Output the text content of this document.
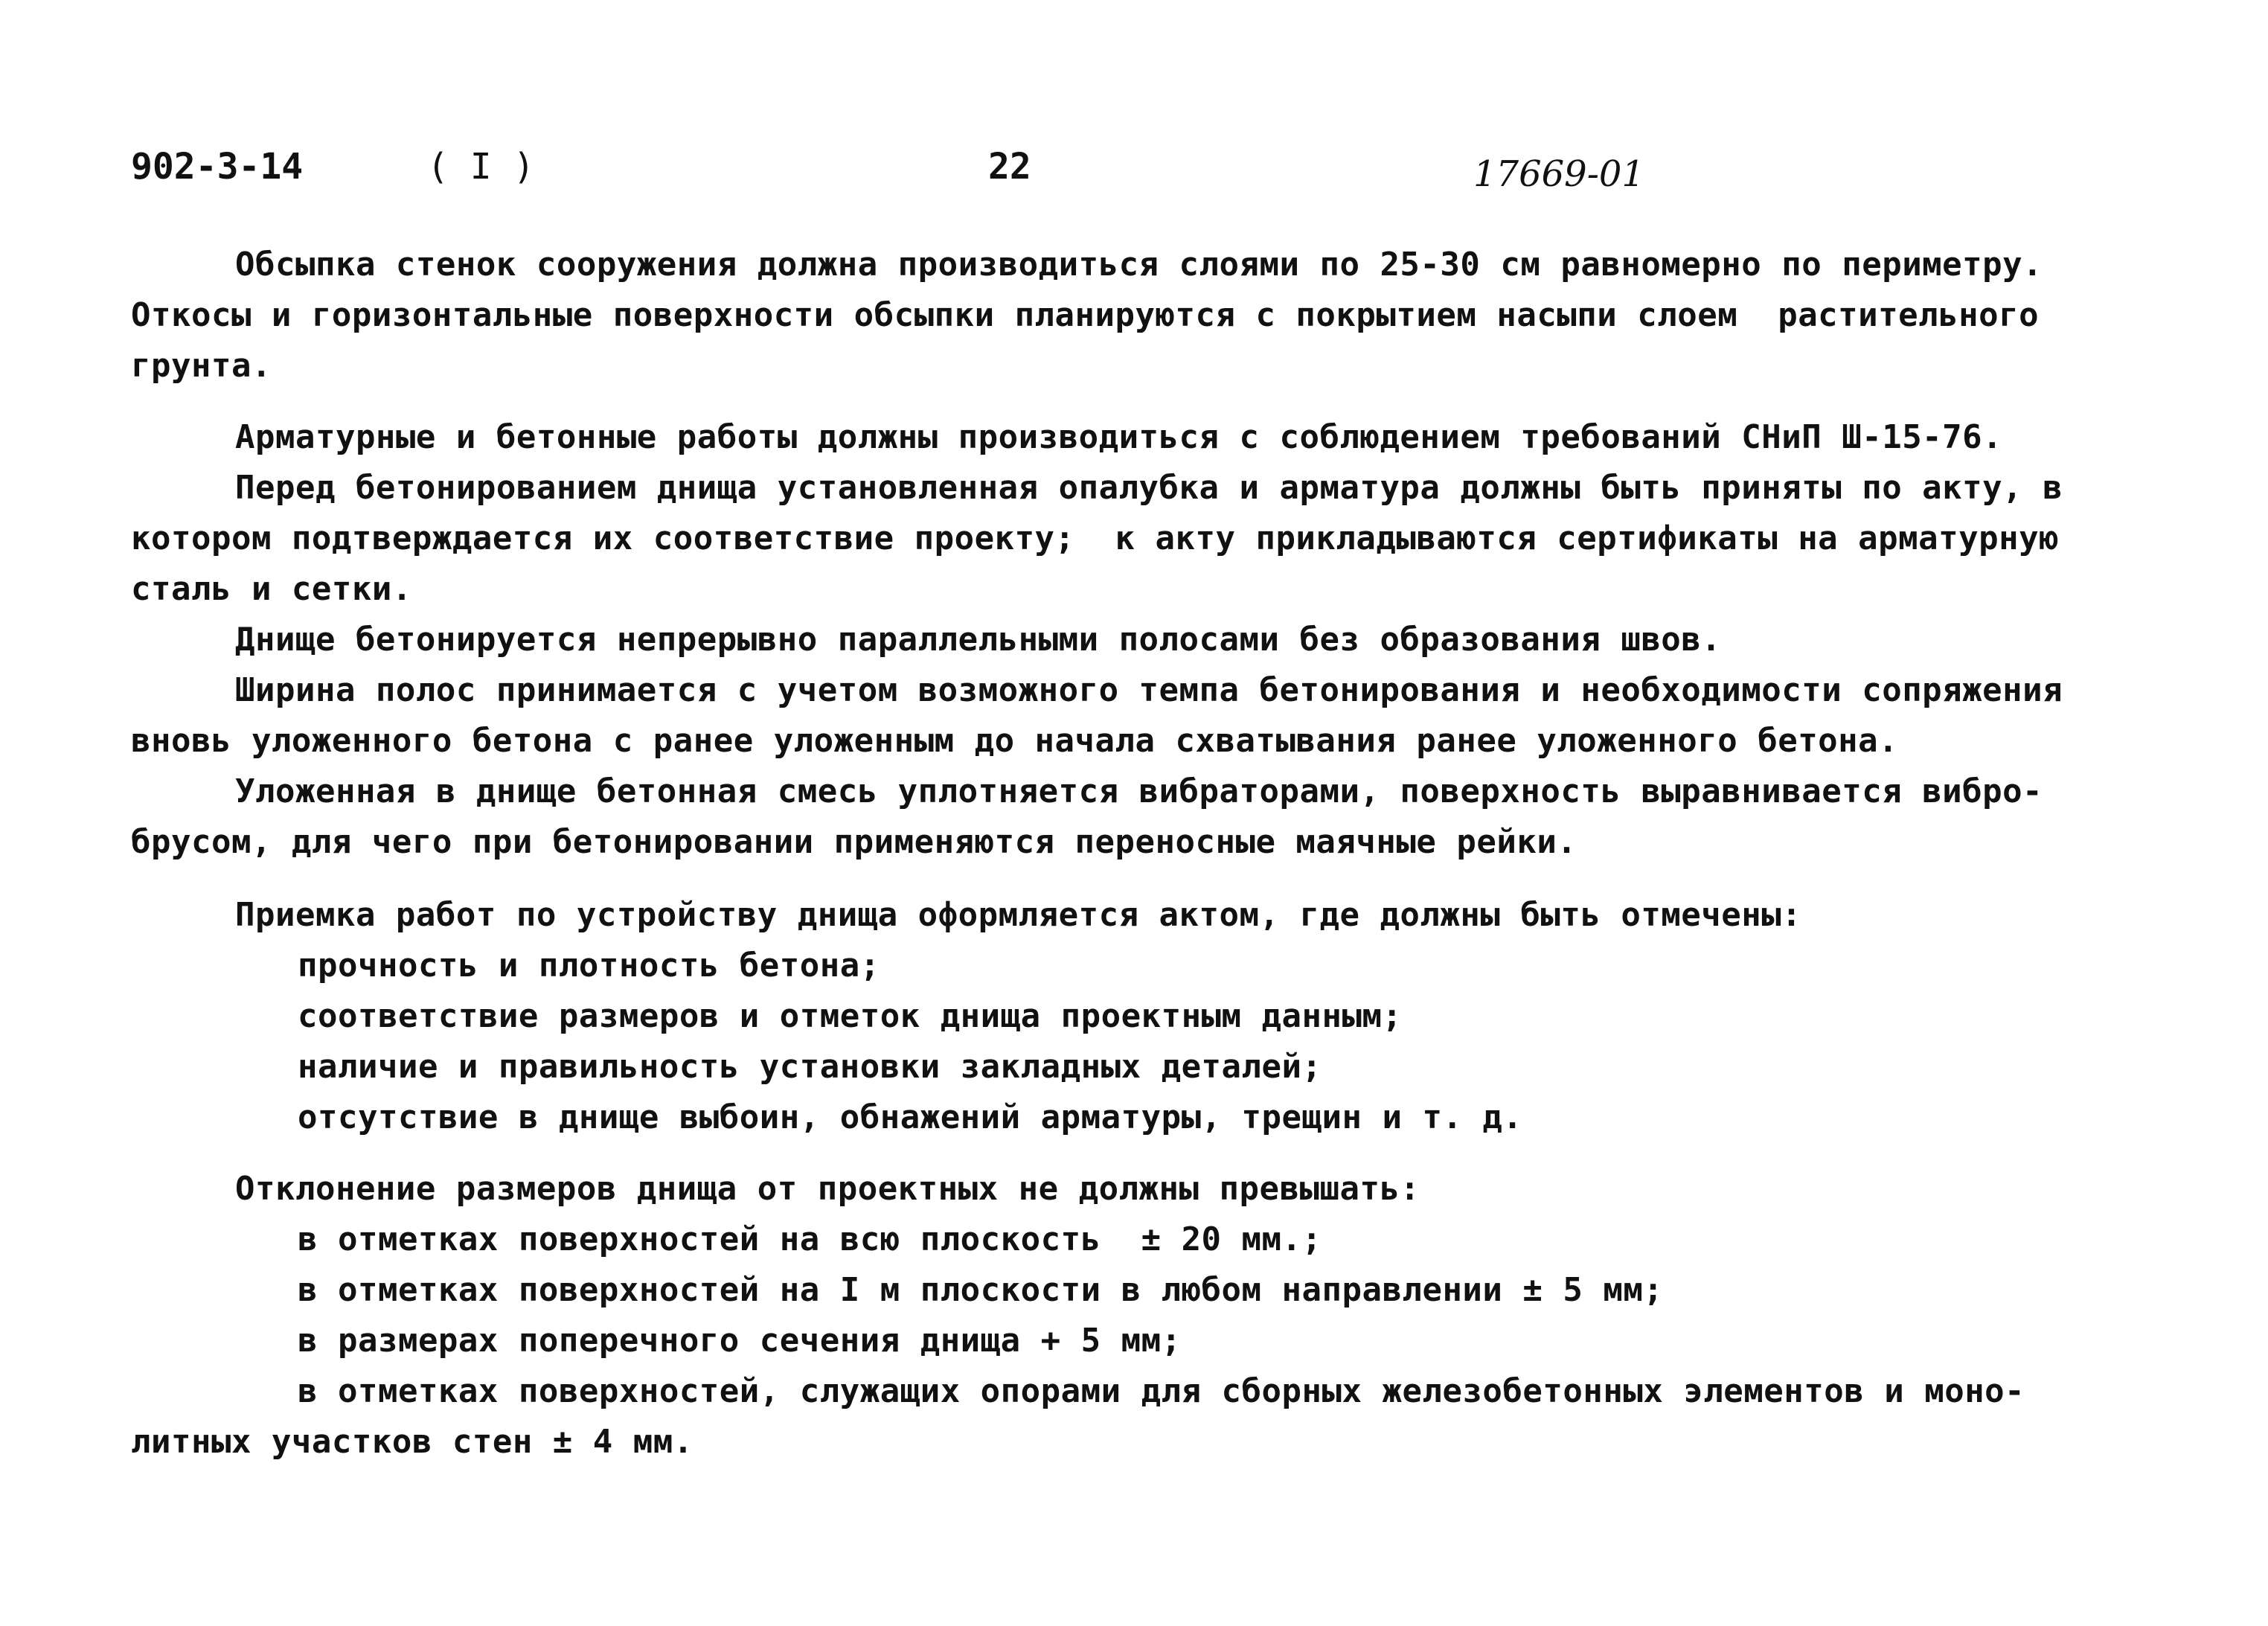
902-3-14	( I )	22	17669-01
Обсыпка стенок сооружения должна производиться слоями по 25-30 см равномерно по периметру.
Откосы и горизонтальные поверхности обсыпки планируются с покрытием насыпи слоем  растительного
грунта.
Арматурные и бетонные работы должны производиться с соблюдением требований СНиП Ш-15-76.
Перед бетонированием днища установленная опалубка и арматура должны быть приняты по акту, в
котором подтверждается их соответствие проекту;  к акту прикладываются сертификаты на арматурную
сталь и сетки.
Днище бетонируется непрерывно параллельными полосами без образования швов.
Ширина полос принимается с учетом возможного темпа бетонирования и необходимости сопряжения
вновь уложенного бетона с ранее уложенным до начала схватывания ранее уложенного бетона.
Уложенная в днище бетонная смесь уплотняется вибраторами, поверхность выравнивается вибро-
брусом, для чего при бетонировании применяются переносные маячные рейки.
Приемка работ по устройству днища оформляется актом, где должны быть отмечены:
прочность и плотность бетона;
соответствие размеров и отметок днища проектным данным;
наличие и правильность установки закладных деталей;
отсутствие в днище выбоин, обнажений арматуры, трещин и т. д.
Отклонение размеров днища от проектных не должны превышать:
в отметках поверхностей на всю плоскость  ± 20 мм.;
в отметках поверхностей на I м плоскости в любом направлении ± 5 мм;
в размерах поперечного сечения днища + 5 мм;
в отметках поверхностей, служащих опорами для сборных железобетонных элементов и моно-
литных участков стен ± 4 мм.
